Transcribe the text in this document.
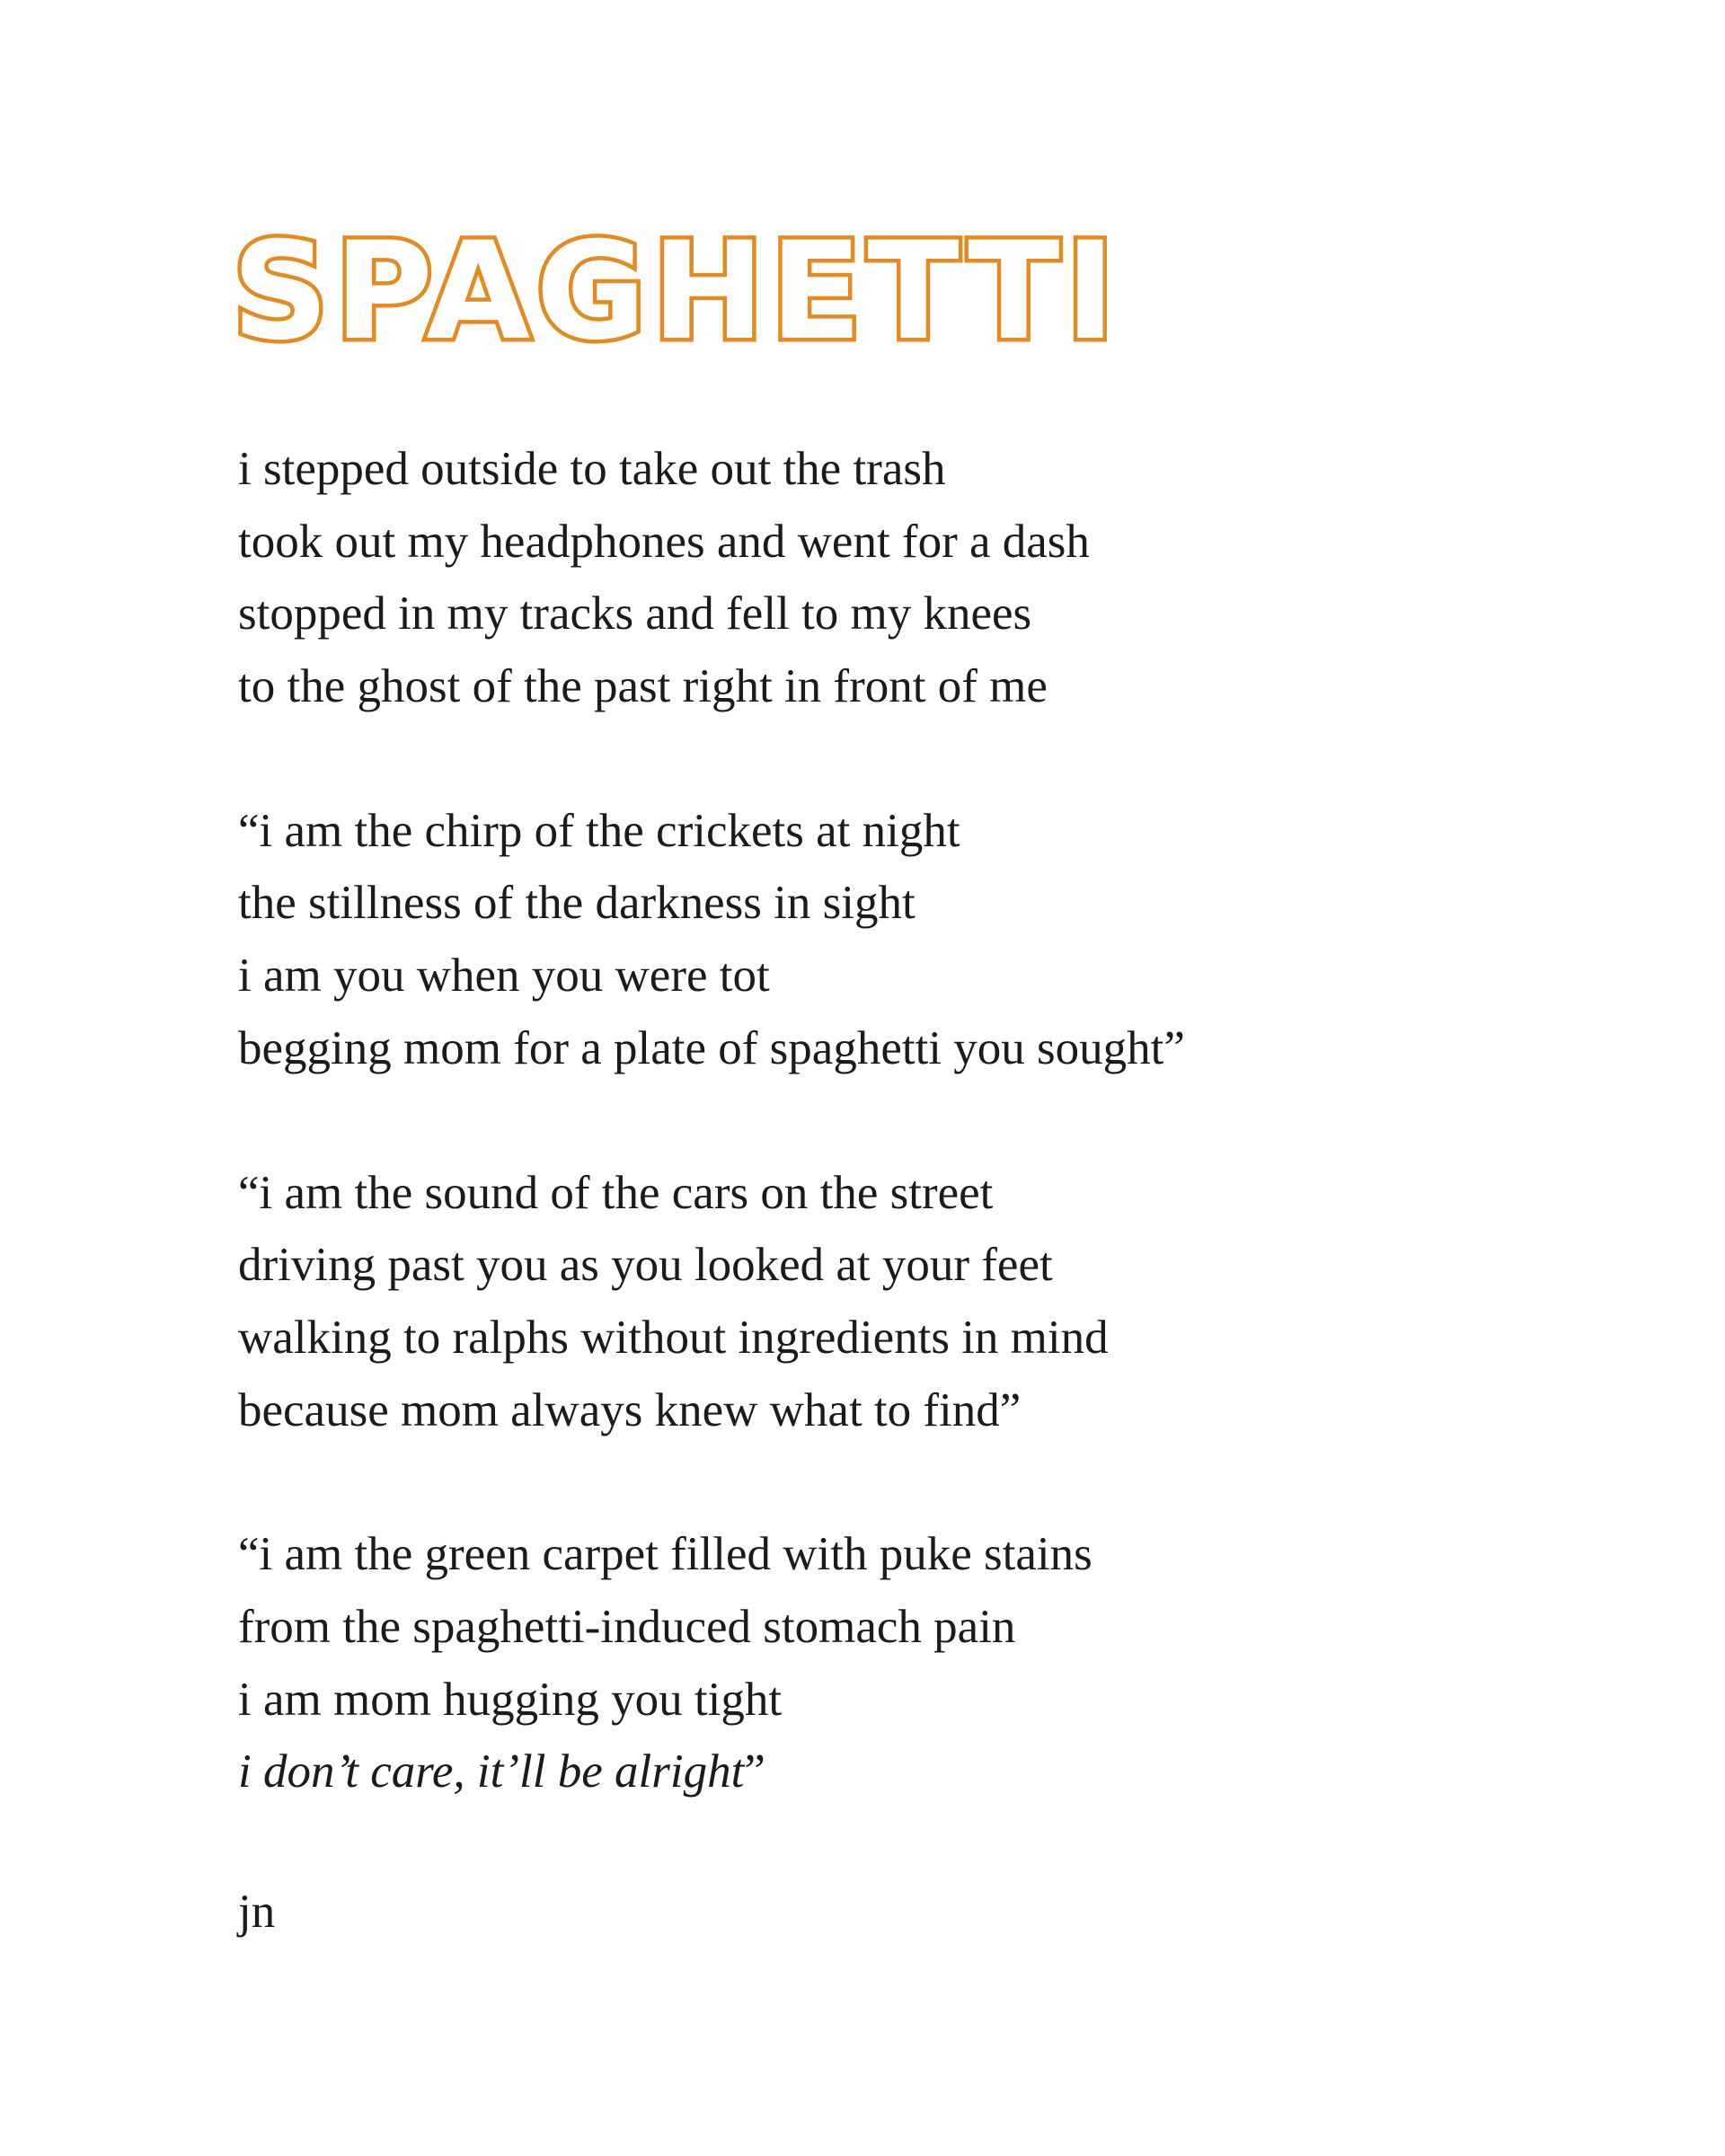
SPAGHETTI
i stepped outside to take out the trash
took out my headphones and went for a dash
stopped in my tracks and fell to my knees
to the ghost of the past right in front of me
“i am the chirp of the crickets at night
the stillness of the darkness in sight
i am you when you were tot
begging mom for a plate of spaghetti you sought”
“i am the sound of the cars on the street
driving past you as you looked at your feet
walking to ralphs without ingredients in mind
because mom always knew what to find”
“i am the green carpet filled with puke stains
from the spaghetti-induced stomach pain
i am mom hugging you tight
i don’t care, it’ll be alright”

jn
